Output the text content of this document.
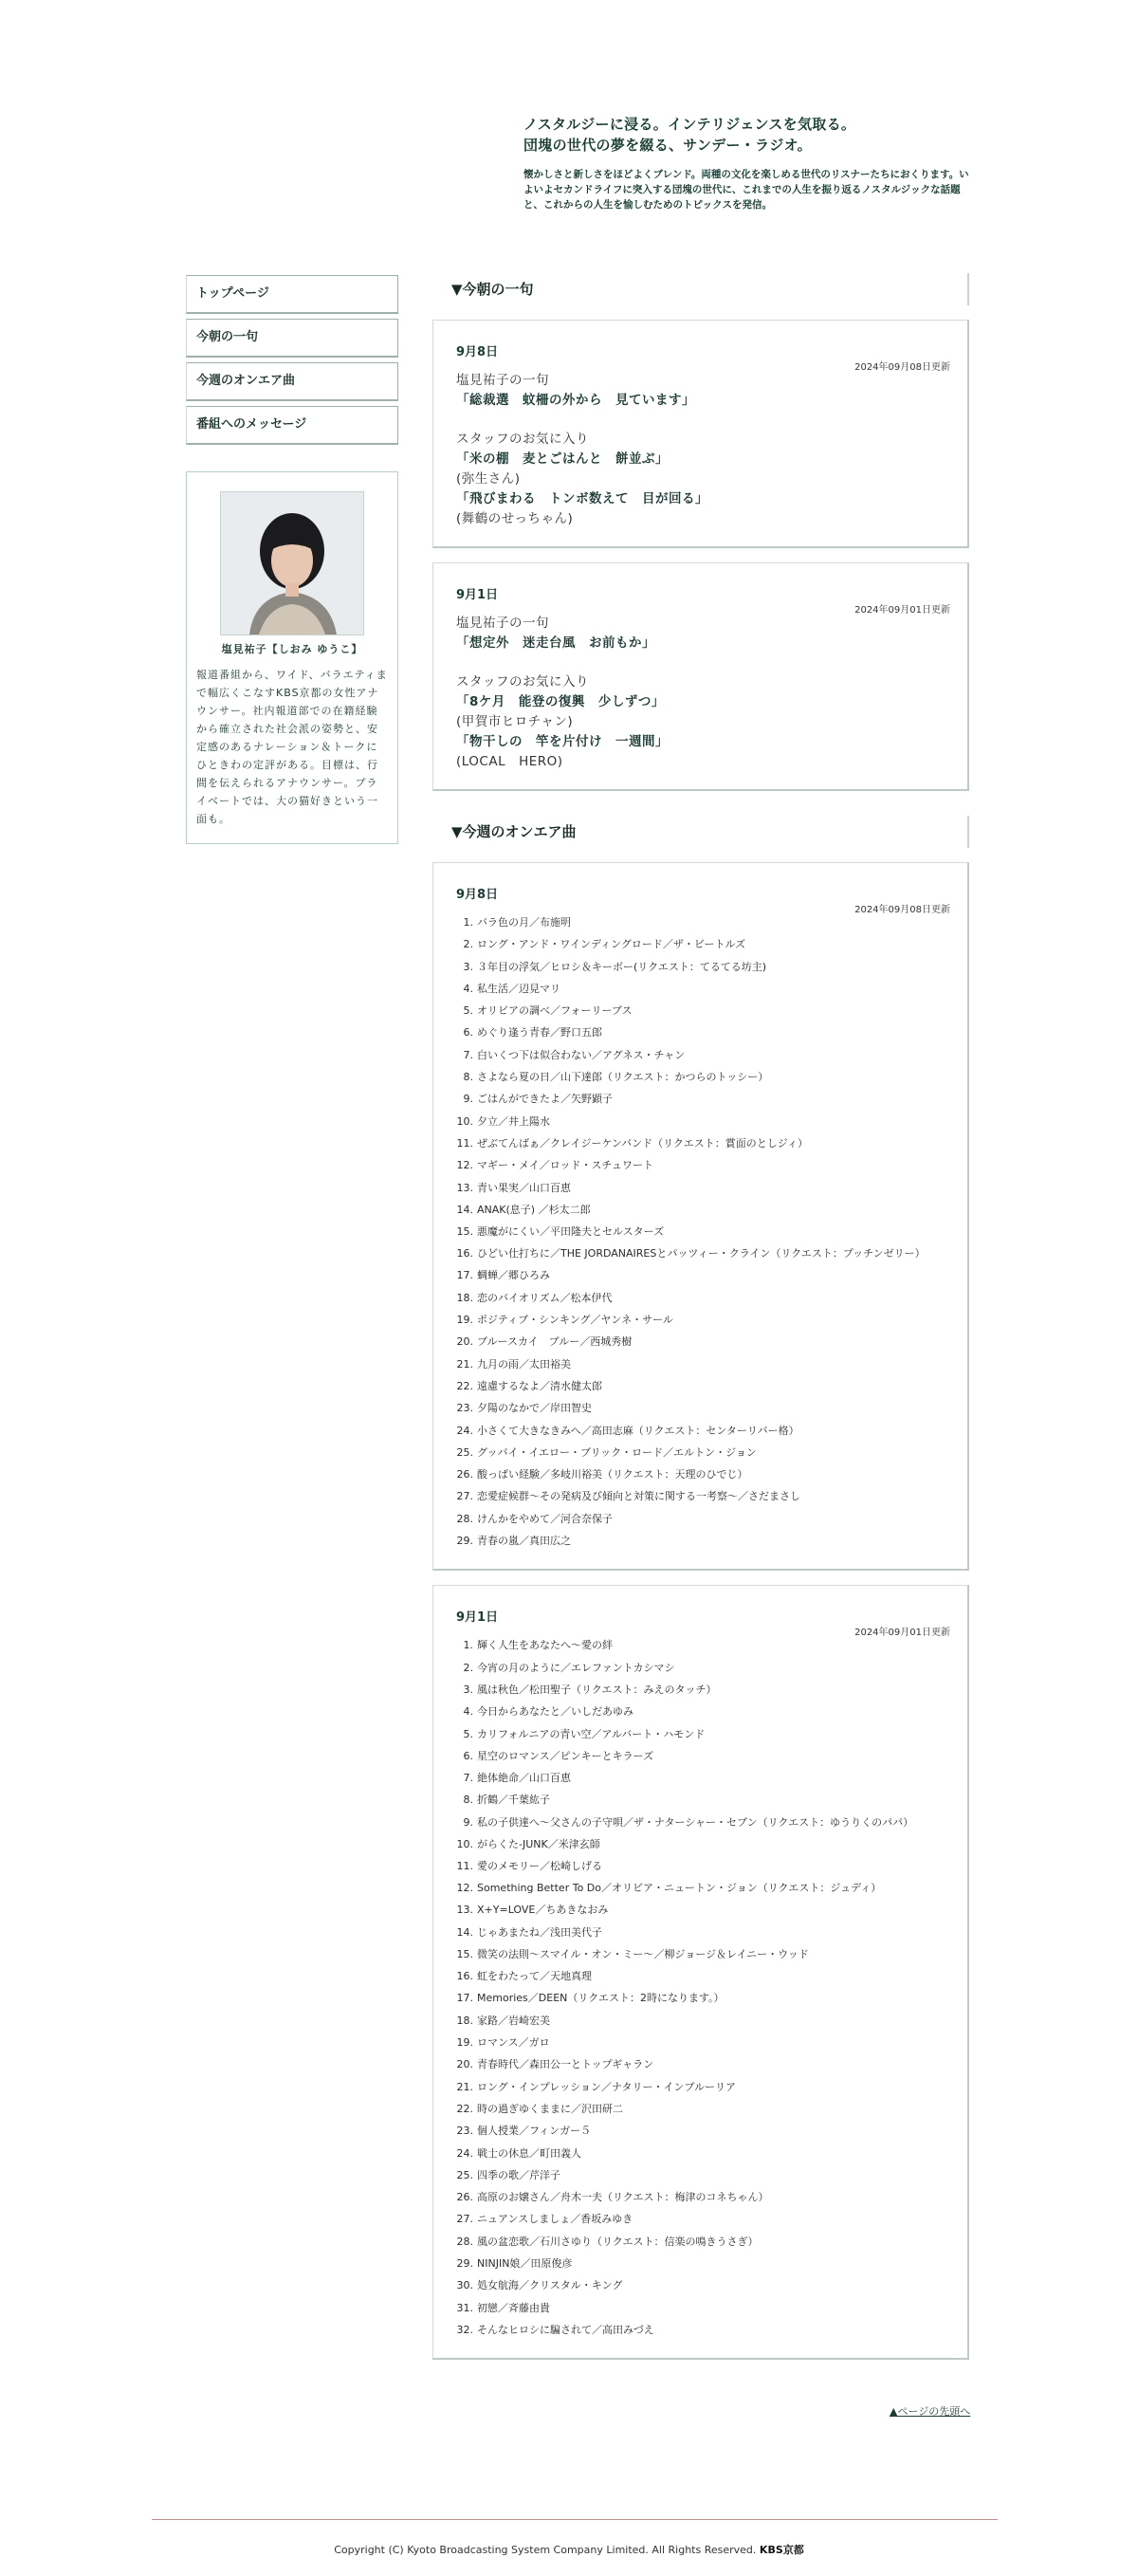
ノスタルジーに浸る。インテリジェンスを気取る。
団塊の世代の夢を綴る、サンデー・ラジオ。
懐かしさと新しさをほどよくブレンド。両種の文化を楽しめる世代のリスナーたちにおくります。いよいよセカンドライフに突入する団塊の世代に、これまでの人生を振り返るノスタルジックな話題と、これからの人生を愉しむためのトピックスを発信。
トップページ
今朝の一句
今週のオンエア曲
番組へのメッセージ
塩見祐子【しおみ ゆうこ】
報道番組から、ワイド、バラエティまで幅広くこなすKBS京都の女性アナウンサー。社内報道部での在籍経験から確立された社会派の姿勢と、安定感のあるナレーション＆トークにひときわの定評がある。目標は、行間を伝えられるアナウンサー。プライベートでは、大の猫好きという一面も。
▼今朝の一句
9月8日
2024年09月08日更新
塩見祐子の一句
「総裁選　蚊柵の外から　見ています」
スタッフのお気に入り
「米の棚　麦とごはんと　餅並ぶ」
(弥生さん)
「飛びまわる　トンボ数えて　目が回る」
(舞鶴のせっちゃん)
9月1日
2024年09月01日更新
塩見祐子の一句
「想定外　迷走台風　お前もか」
スタッフのお気に入り
「8ケ月　能登の復興　少しずつ」
(甲賀市ヒロチャン)
「物干しの　竿を片付け　一週間」
(LOCAL　HERO)
▼今週のオンエア曲
9月8日
2024年09月08日更新
1. バラ色の月／布施明
2. ロング・アンド・ワインディングロード／ザ・ビートルズ
3. ３年目の浮気／ヒロシ＆キーボー(リクエスト：てるてる坊主)
4. 私生活／辺見マリ
5. オリビアの調べ／フォーリーブス
6. めぐり逢う青春／野口五郎
7. 白いくつ下は似合わない／アグネス・チャン
8. さよなら夏の日／山下達郎（リクエスト：かつらのトッシー）
9. ごはんができたよ／矢野顕子
10. 夕立／井上陽水
11. ぜぶてんばぁ／クレイジーケンバンド（リクエスト：賞面のとしジィ）
12. マギー・メイ／ロッド・スチュワート
13. 青い果実／山口百恵
14. ANAK(息子) ／杉太二郎
15. 悪魔がにくい／平田隆夫とセルスターズ
16. ひどい仕打ちに／THE JORDANAIRESとパッツィー・クライン（リクエスト：プッチンゼリー）
17. 蜩蝉／郷ひろみ
18. 恋のバイオリズム／松本伊代
19. ポジティブ・シンキング／ヤンネ・サール
20. ブルースカイ　ブルー／西城秀樹
21. 九月の雨／太田裕美
22. 遠慮するなよ／清水健太郎
23. 夕陽のなかで／岸田智史
24. 小さくて大きなきみへ／高田志麻（リクエスト：センターリバー格）
25. グッバイ・イエロー・ブリック・ロード／エルトン・ジョン
26. 酸っぱい経験／多岐川裕美（リクエスト：天理のひでじ）
27. 恋愛症候群～その発病及び傾向と対策に関する一考察～／さだまさし
28. けんかをやめて／河合奈保子
29. 青春の嵐／真田広之
9月1日
2024年09月01日更新
1. 輝く人生をあなたへ～愛の絆
2. 今宵の月のように／エレファントカシマシ
3. 風は秋色／松田聖子（リクエスト：みえのタッチ）
4. 今日からあなたと／いしだあゆみ
5. カリフォルニアの青い空／アルバート・ハモンド
6. 星空のロマンス／ピンキーとキラーズ
7. 絶体絶命／山口百恵
8. 折鶴／千葉紘子
9. 私の子供達へ～父さんの子守唄／ザ・ナターシャー・セブン（リクエスト：ゆうりくのパパ）
10. がらくた-JUNK／米津玄師
11. 愛のメモリー／松崎しげる
12. Something Better To Do／オリビア・ニュートン・ジョン（リクエスト：ジュディ）
13. X+Y=LOVE／ちあきなおみ
14. じゃあまたね／浅田美代子
15. 微笑の法則～スマイル・オン・ミー～／柳ジョージ＆レイニー・ウッド
16. 虹をわたって／天地真理
17. Memories／DEEN（リクエスト：2時になります。）
18. 家路／岩崎宏美
19. ロマンス／ガロ
20. 青春時代／森田公一とトップギャラン
21. ロング・インプレッション／ナタリー・インブルーリア
22. 時の過ぎゆくままに／沢田研二
23. 個人授業／フィンガー５
24. 戦士の休息／町田義人
25. 四季の歌／芹洋子
26. 高原のお嬢さん／舟木一夫（リクエスト：梅津のコネちゃん）
27. ニュアンスしましょ／香坂みゆき
28. 風の盆恋歌／石川さゆり（リクエスト：信楽の鳴きうさぎ）
29. NINJIN娘／田原俊彦
30. 処女航海／クリスタル・キング
31. 初戀／斉藤由貴
32. そんなヒロシに騙されて／高田みづえ
▲ページの先頭へ
Copyright (C) Kyoto Broadcasting System Company Limited. All Rights Reserved. KBS京都
